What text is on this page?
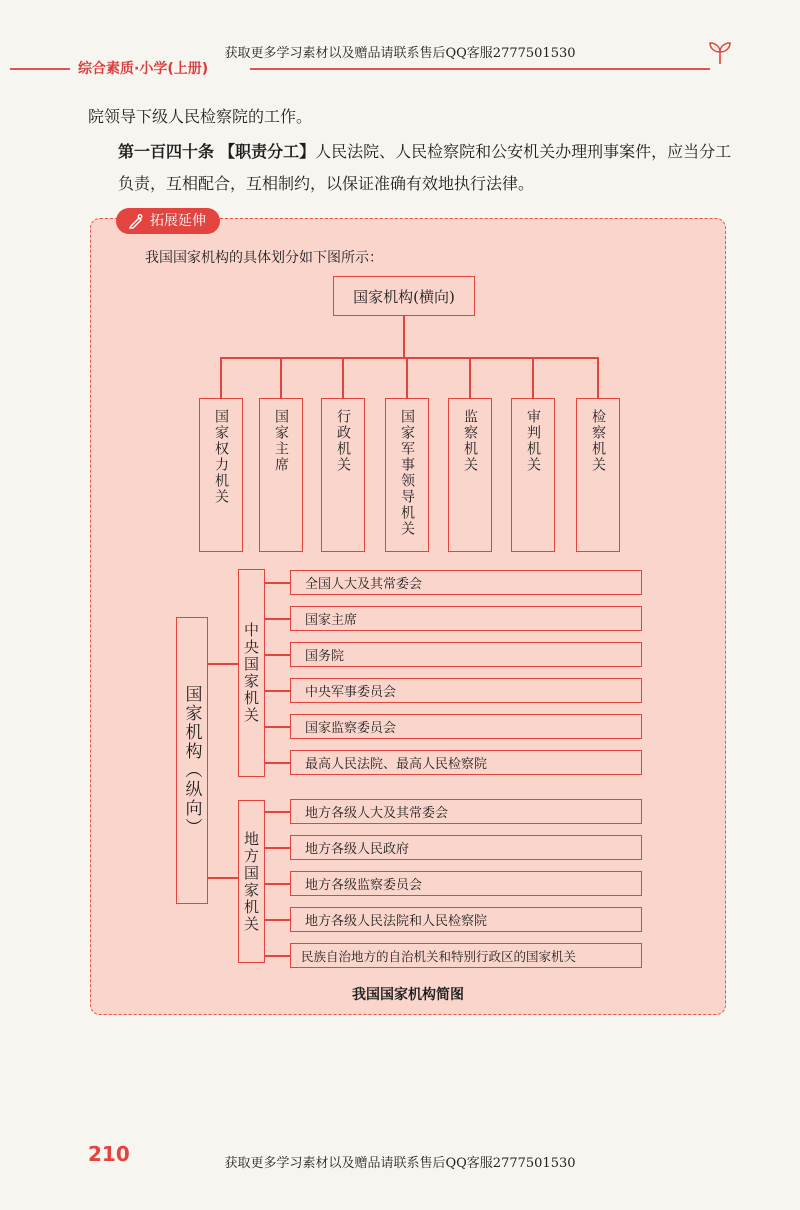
获取更多学习素材以及赠品请联系售后QQ客服2777501530
综合素质·小学(上册)
院领导下级人民检察院的工作。
第一百四十条 【职责分工】人民法院、人民检察院和公安机关办理刑事案件，应当分工负责，互相配合，互相制约，以保证准确有效地执行法律。
拓展延伸
我国国家机构的具体划分如下图所示：
国家机构(横向)
国家权力机关	国家主席	行政机关	国家军事领导机关	监察机关	审判机关	检察机关
国家机构（纵向）
中央国家机关
地方国家机关
全国人大及其常委会
国家主席
国务院
中央军事委员会
国家监察委员会
最高人民法院、最高人民检察院
地方各级人大及其常委会
地方各级人民政府
地方各级监察委员会
地方各级人民法院和人民检察院
民族自治地方的自治机关和特别行政区的国家机关
我国国家机构简图
210	获取更多学习素材以及赠品请联系售后QQ客服2777501530
